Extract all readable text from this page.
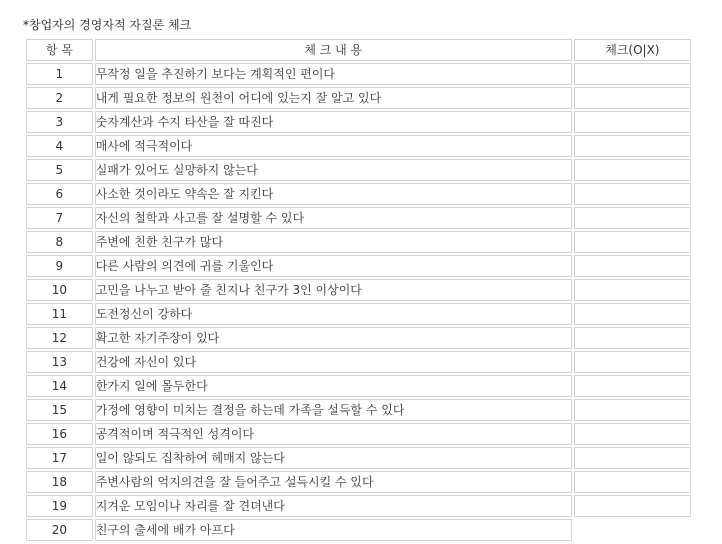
*창업자의 경영자적 자질론 체크
항 목	체 크 내 용	체크(O|X)
1	무작정 일을 추진하기 보다는 계획적인 편이다	
2	내게 필요한 정보의 원천이 어디에 있는지 잘 알고 있다	
3	숫자계산과 수지 타산을 잘 따진다	
4	매사에 적극적이다	
5	실패가 있어도 실망하지 않는다	
6	사소한 것이라도 약속은 잘 지킨다	
7	자신의 철학과 사고를 잘 설명할 수 있다	
8	주변에 친한 친구가 많다	
9	다른 사람의 의견에 귀를 기울인다	
10	고민을 나누고 받아 줄 친지나 친구가 3인 이상이다	
11	도전정신이 강하다	
12	확고한 자기주장이 있다	
13	건강에 자신이 있다	
14	한가지 일에 몰두한다	
15	가정에 영향이 미치는 결정을 하는데 가족을 설득할 수 있다	
16	공격적이며 적극적인 성격이다	
17	일이 않되도 집착하여 헤매지 않는다	
18	주변사람의 억지의견을 잘 들어주고 설득시킬 수 있다	
19	지겨운 모임이나 자리를 잘 견뎌낸다	
20	친구의 출세에 배가 아프다	
